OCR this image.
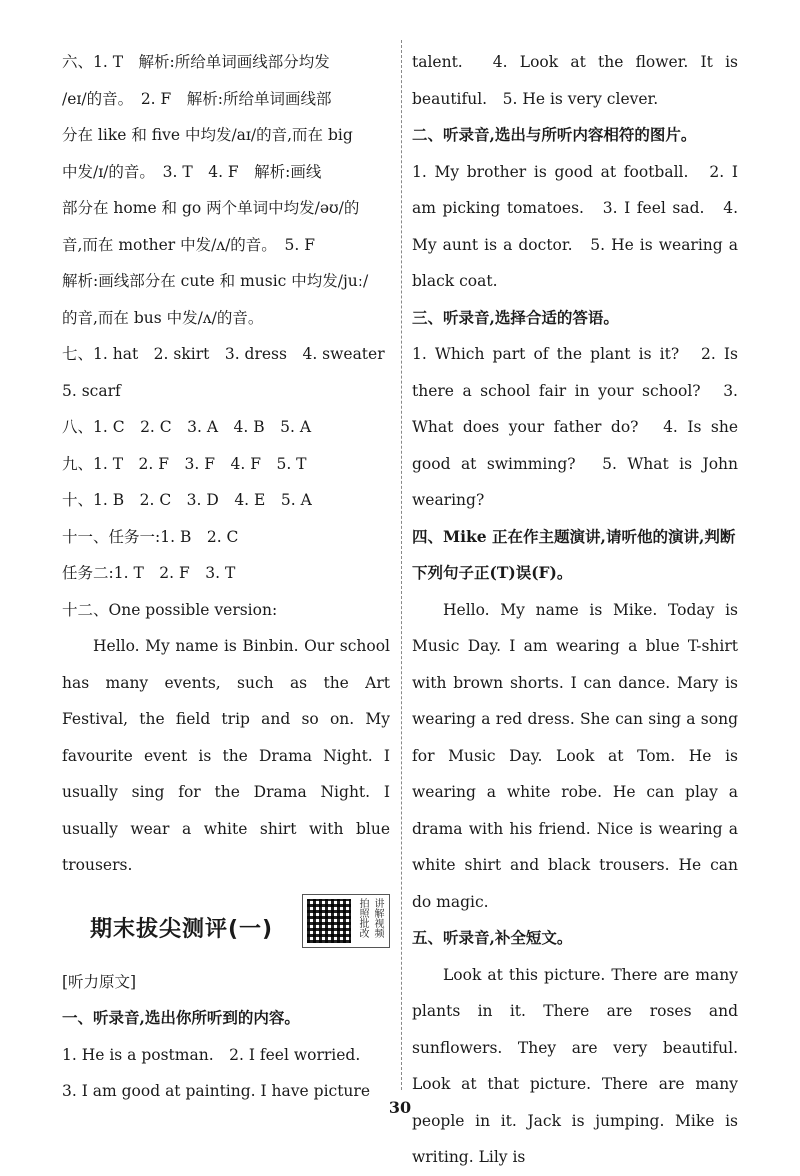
六、1. T　解析:所给单词画线部分均发

/eɪ/的音。　2. F　解析:所给单词画线部

分在 like 和 five 中均发/aɪ/的音,而在 big

中发/ɪ/的音。　3. T　4. F　解析:画线

部分在 home 和 go 两个单词中均发/əʊ/的

音,而在 mother 中发/ʌ/的音。　5. F

解析:画线部分在 cute 和 music 中均发/juː/

的音,而在 bus 中发/ʌ/的音。

七、1. hat　2. skirt　3. dress　4. sweater

5. scarf

八、1. C　2. C　3. A　4. B　5. A

九、1. T　2. F　3. F　4. F　5. T

十、1. B　2. C　3. D　4. E　5. A

十一、任务一:1. B　2. C

任务二:1. T　2. F　3. T

十二、One possible version:

Hello. My name is Binbin. Our school has many events, such as the Art Festival, the field trip and so on. My favourite event is the Drama Night. I usually sing for the Drama Night. I usually wear a white shirt with blue trousers.

期末拔尖测评(一)	讲解视频 拍照批改

[听力原文]

一、听录音,选出你所听到的内容。

1. He is a postman.　2. I feel worried.

3. I am good at painting. I have picture

talent.　4. Look at the flower. It is beautiful.　5. He is very clever.

二、听录音,选出与所听内容相符的图片。

1. My brother is good at football.　2. I am picking tomatoes.　3. I feel sad.　4. My aunt is a doctor.　5. He is wearing a black coat.

三、听录音,选择合适的答语。

1. Which part of the plant is it?　2. Is there a school fair in your school?　3. What does your father do?　4. Is she good at swimming?　5. What is John wearing?

四、Mike 正在作主题演讲,请听他的演讲,判断下列句子正(T)误(F)。

Hello. My name is Mike. Today is Music Day. I am wearing a blue T-shirt with brown shorts. I can dance. Mary is wearing a red dress. She can sing a song for Music Day. Look at Tom. He is wearing a white robe. He can play a drama with his friend. Nice is wearing a white shirt and black trousers. He can do magic.

五、听录音,补全短文。

Look at this picture. There are many plants in it. There are roses and sunflowers. They are very beautiful. Look at that picture. There are many people in it. Jack is jumping. Mike is writing. Lily is

30
